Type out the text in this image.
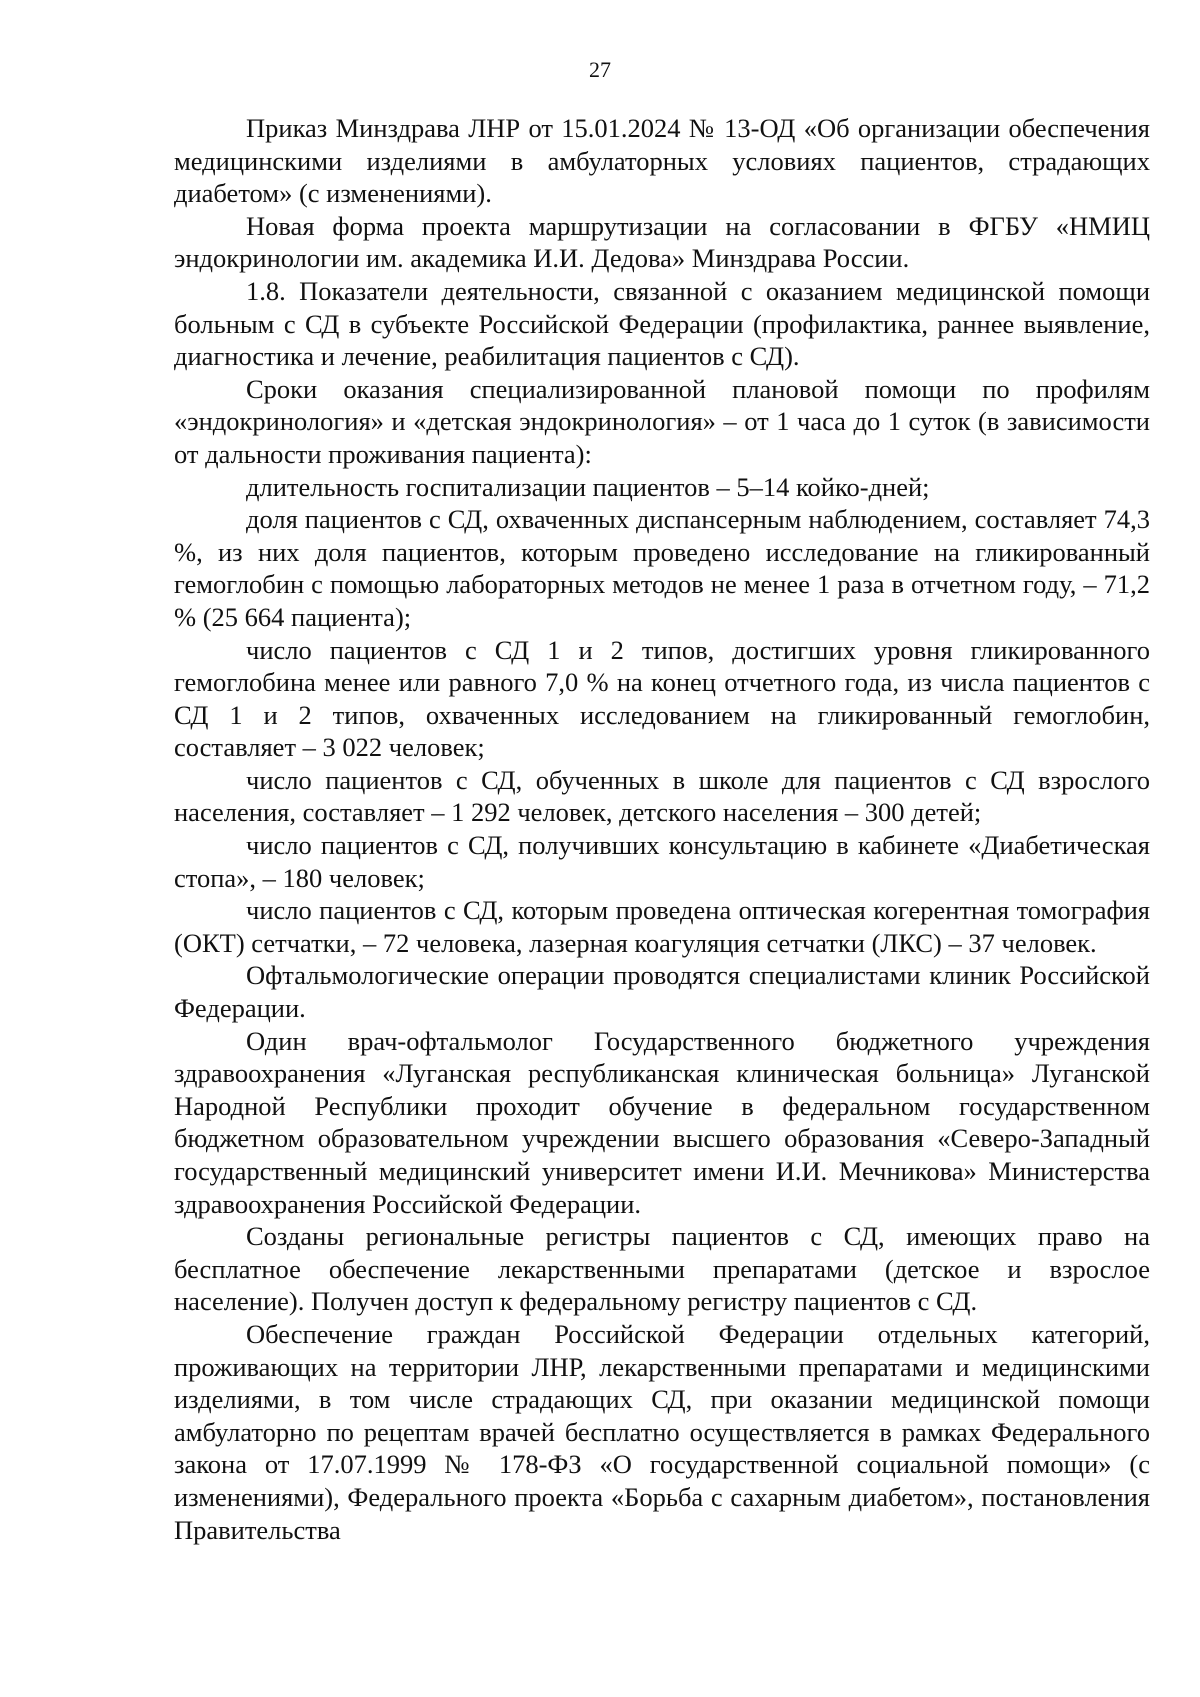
27

Приказ Минздрава ЛНР от 15.01.2024 № 13-ОД «Об организации обеспечения медицинскими изделиями в амбулаторных условиях пациентов, страдающих диабетом» (с изменениями).

Новая форма проекта маршрутизации на согласовании в ФГБУ «НМИЦ эндокринологии им. академика И.И. Дедова» Минздрава России.

1.8. Показатели деятельности, связанной с оказанием медицинской помощи больным с СД в субъекте Российской Федерации (профилактика, раннее выявление, диагностика и лечение, реабилитация пациентов с СД).

Сроки оказания специализированной плановой помощи по профилям «эндокринология» и «детская эндокринология» – от 1 часа до 1 суток (в зависимости от дальности проживания пациента):

длительность госпитализации пациентов – 5–14 койко-дней;

доля пациентов с СД, охваченных диспансерным наблюдением, составляет 74,3 %, из них доля пациентов, которым проведено исследование на гликированный гемоглобин с помощью лабораторных методов не менее 1 раза в отчетном году, – 71,2 % (25 664 пациента);

число пациентов с СД 1 и 2 типов, достигших уровня гликированного гемоглобина менее или равного 7,0 % на конец отчетного года, из числа пациентов с СД 1 и 2 типов, охваченных исследованием на гликированный гемоглобин, составляет – 3 022 человек;

число пациентов с СД, обученных в школе для пациентов с СД взрослого населения, составляет – 1 292 человек, детского населения – 300 детей;

число пациентов с СД, получивших консультацию в кабинете «Диабетическая стопа», – 180 человек;

число пациентов с СД, которым проведена оптическая когерентная томография (ОКТ) сетчатки, – 72 человека, лазерная коагуляция сетчатки (ЛКС) – 37 человек.

Офтальмологические операции проводятся специалистами клиник Российской Федерации.

Один врач-офтальмолог Государственного бюджетного учреждения здравоохранения «Луганская республиканская клиническая больница» Луганской Народной Республики проходит обучение в федеральном государственном бюджетном образовательном учреждении высшего образования «Северо-Западный государственный медицинский университет имени И.И. Мечникова» Министерства здравоохранения Российской Федерации.

Созданы региональные регистры пациентов с СД, имеющих право на бесплатное обеспечение лекарственными препаратами (детское и взрослое население). Получен доступ к федеральному регистру пациентов с СД.

Обеспечение граждан Российской Федерации отдельных категорий, проживающих на территории ЛНР, лекарственными препаратами и медицинскими изделиями, в том числе страдающих СД, при оказании медицинской помощи амбулаторно по рецептам врачей бесплатно осуществляется в рамках Федерального закона от 17.07.1999 № 178-ФЗ «О государственной социальной помощи» (с изменениями), Федерального проекта «Борьба с сахарным диабетом», постановления Правительства
